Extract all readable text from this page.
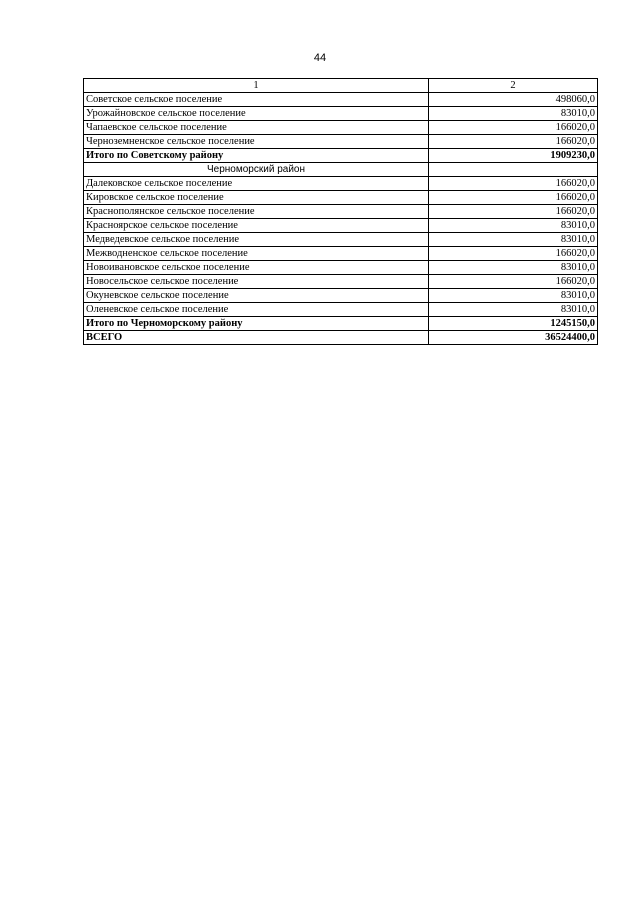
44
1	2
Советское сельское поселение	498060,0
Урожайновское сельское поселение	83010,0
Чапаевское сельское поселение	166020,0
Черноземненское сельское поселение	166020,0
Итого по Советскому району	1909230,0
Черноморский район	
Далековское сельское поселение	166020,0
Кировское сельское поселение	166020,0
Краснополянское сельское поселение	166020,0
Красноярское сельское поселение	83010,0
Медведевское сельское поселение	83010,0
Межводненское сельское поселение	166020,0
Новоивановское сельское поселение	83010,0
Новосельское сельское поселение	166020,0
Окуневское сельское поселение	83010,0
Оленевское сельское поселение	83010,0
Итого по Черноморскому району	1245150,0
ВСЕГО	36524400,0
